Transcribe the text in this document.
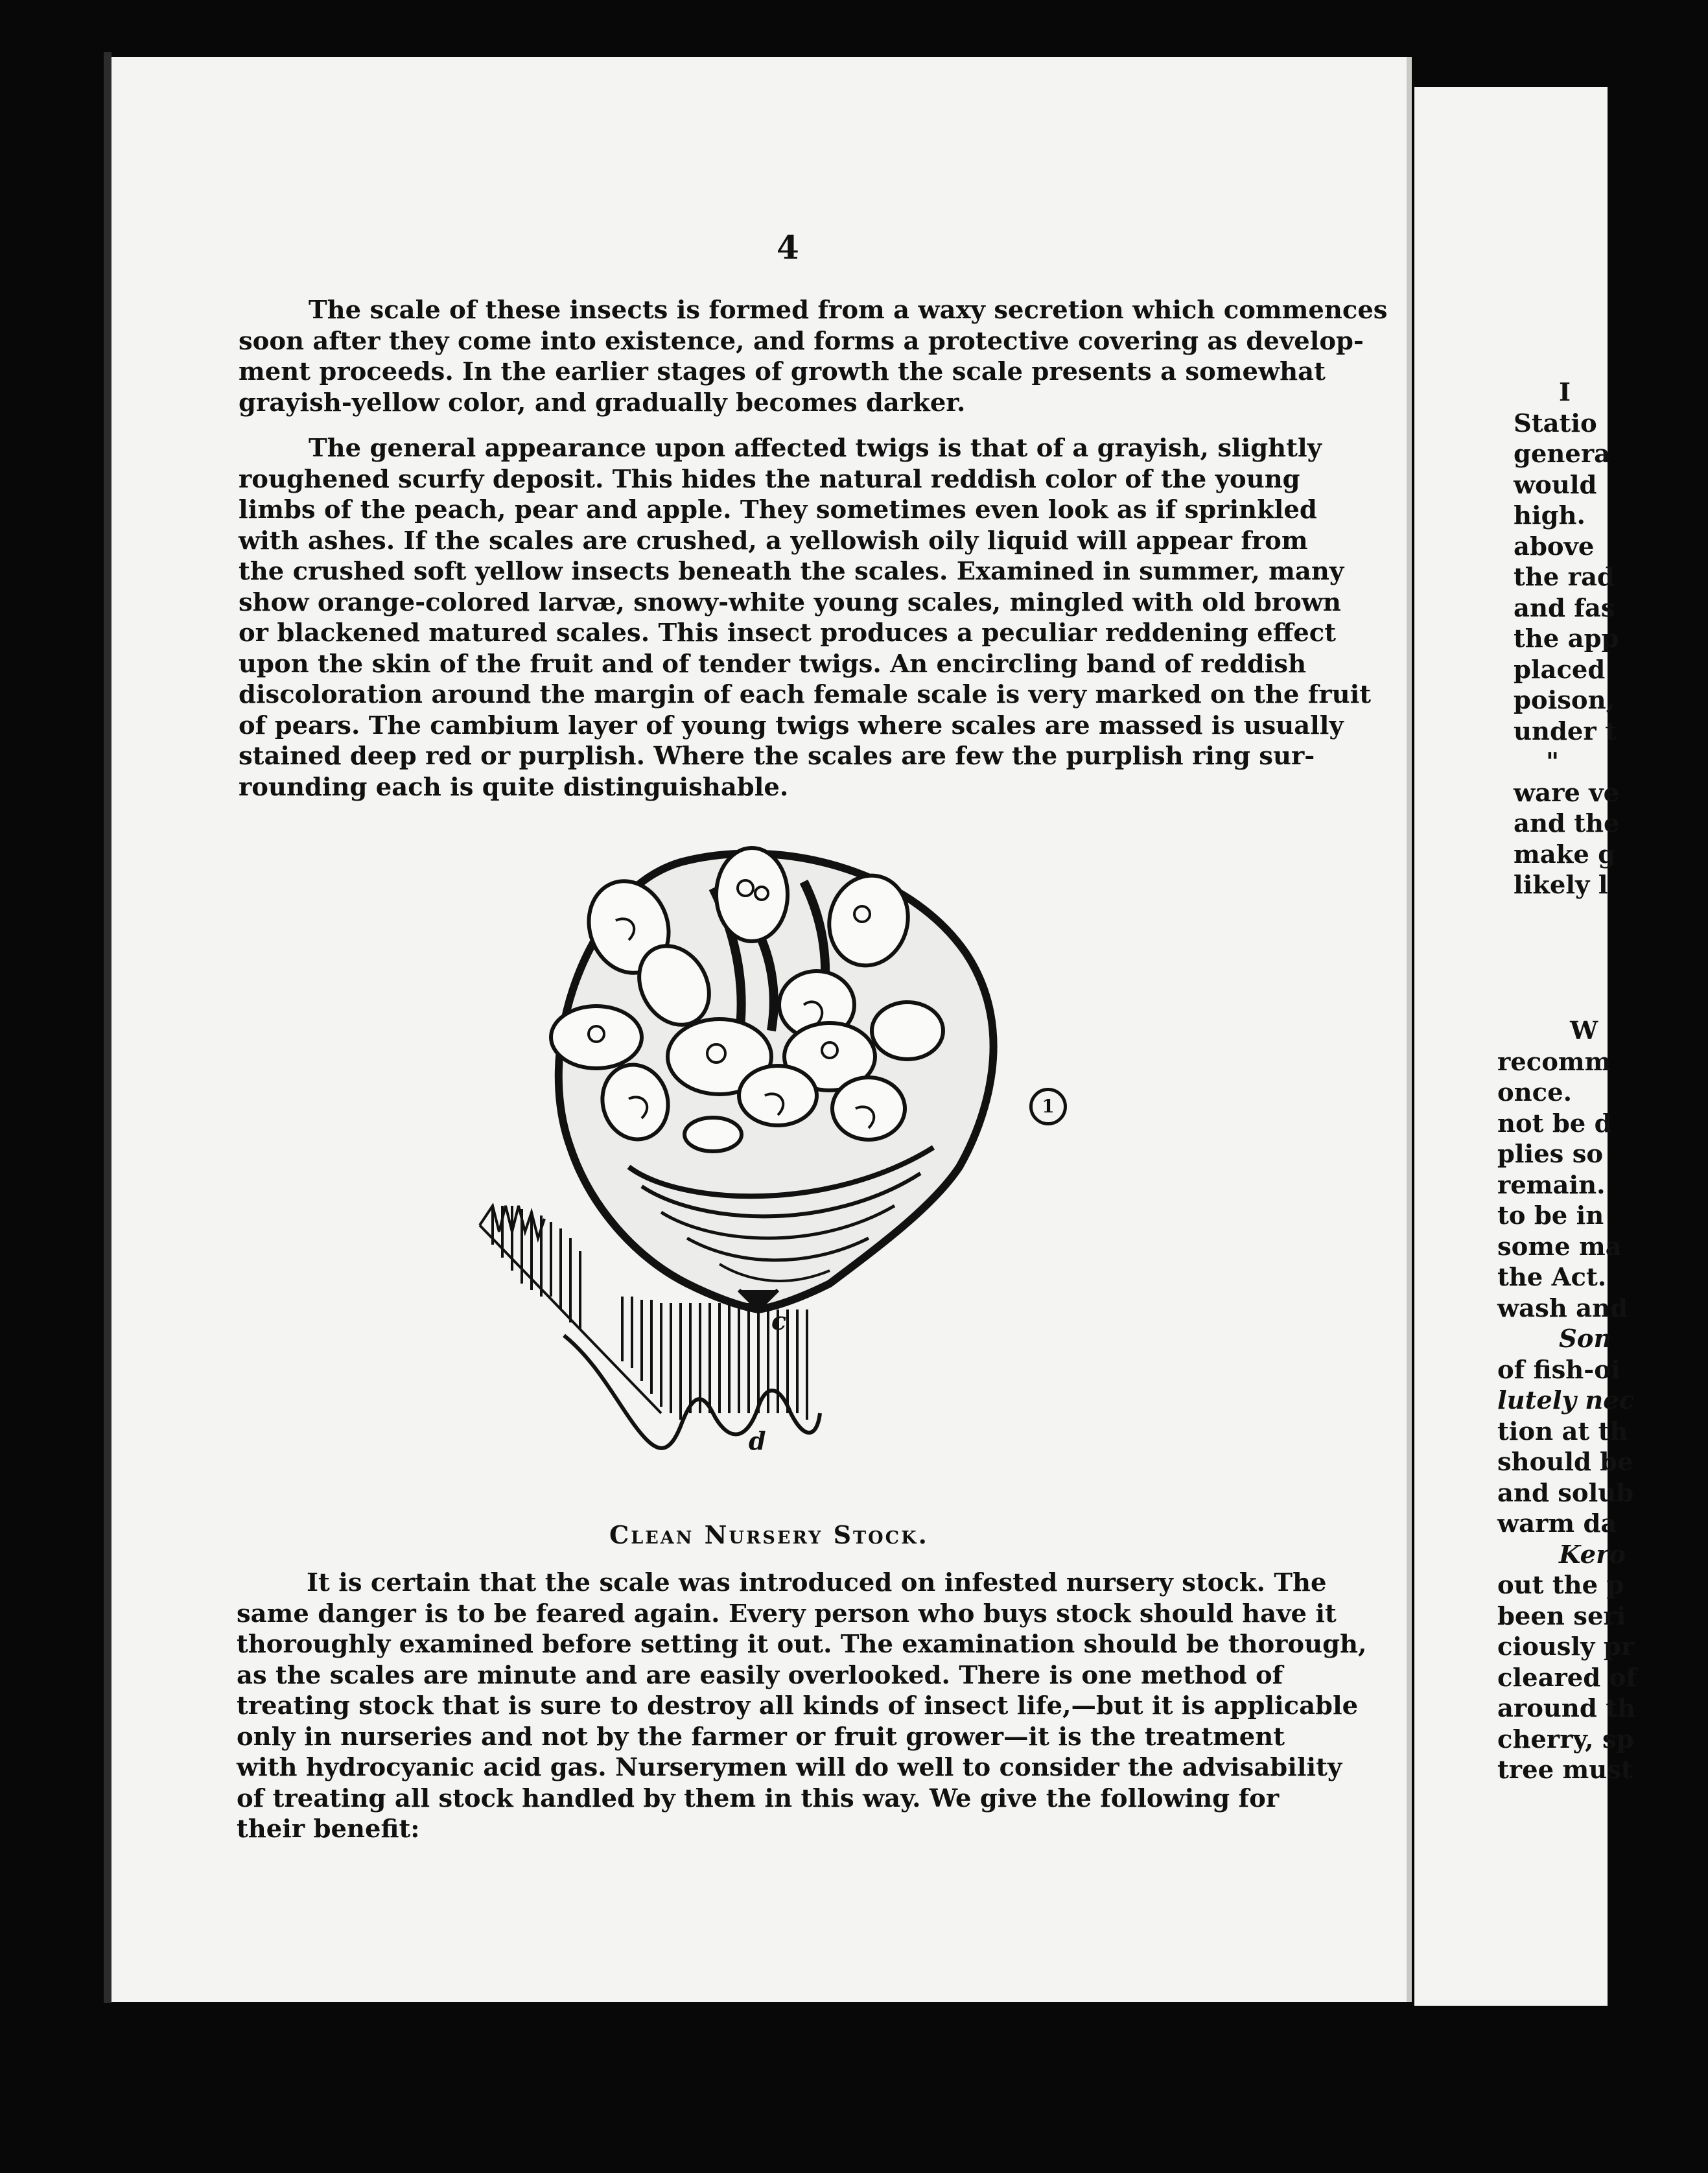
4
The scale of these insects is formed from a waxy secretion which commences
soon after they come into existence, and forms a protective covering as develop-
ment proceeds. In the earlier stages of growth the scale presents a somewhat
grayish-yellow color, and gradually becomes darker.
The general appearance upon affected twigs is that of a grayish, slightly
roughened scurfy deposit. This hides the natural reddish color of the young
limbs of the peach, pear and apple. They sometimes even look as if sprinkled
with ashes. If the scales are crushed, a yellowish oily liquid will appear from
the crushed soft yellow insects beneath the scales. Examined in summer, many
show orange-colored larvæ, snowy-white young scales, mingled with old brown
or blackened matured scales. This insect produces a peculiar reddening effect
upon the skin of the fruit and of tender twigs. An encircling band of reddish
discoloration around the margin of each female scale is very marked on the fruit
of pears. The cambium layer of young twigs where scales are massed is usually
stained deep red or purplish. Where the scales are few the purplish ring sur-
rounding each is quite distinguishable.
c
d
1
Clean Nursery Stock.
It is certain that the scale was introduced on infested nursery stock. The
same danger is to be feared again. Every person who buys stock should have it
thoroughly examined before setting it out. The examination should be thorough,
as the scales are minute and are easily overlooked. There is one method of
treating stock that is sure to destroy all kinds of insect life,—but it is applicable
only in nurseries and not by the farmer or fruit grower—it is the treatment
with hydrocyanic acid gas. Nurserymen will do well to consider the advisability
of treating all stock handled by them in this way. We give the following for
their benefit:
I
Statio
genera
would
high.
above
the rad
and fas
the app
placed
poison,
under t
"
ware ve
and the
make g
likely l
W
recomm
once.
not be d
plies so
remain.
to be in
some ma
the Act.
wash and
Son
of fish-oi
lutely nec
tion at th
should be
and solub
warm da
Kero
out the p
been seri
ciously pr
cleared of
around th
cherry, sp
tree must
